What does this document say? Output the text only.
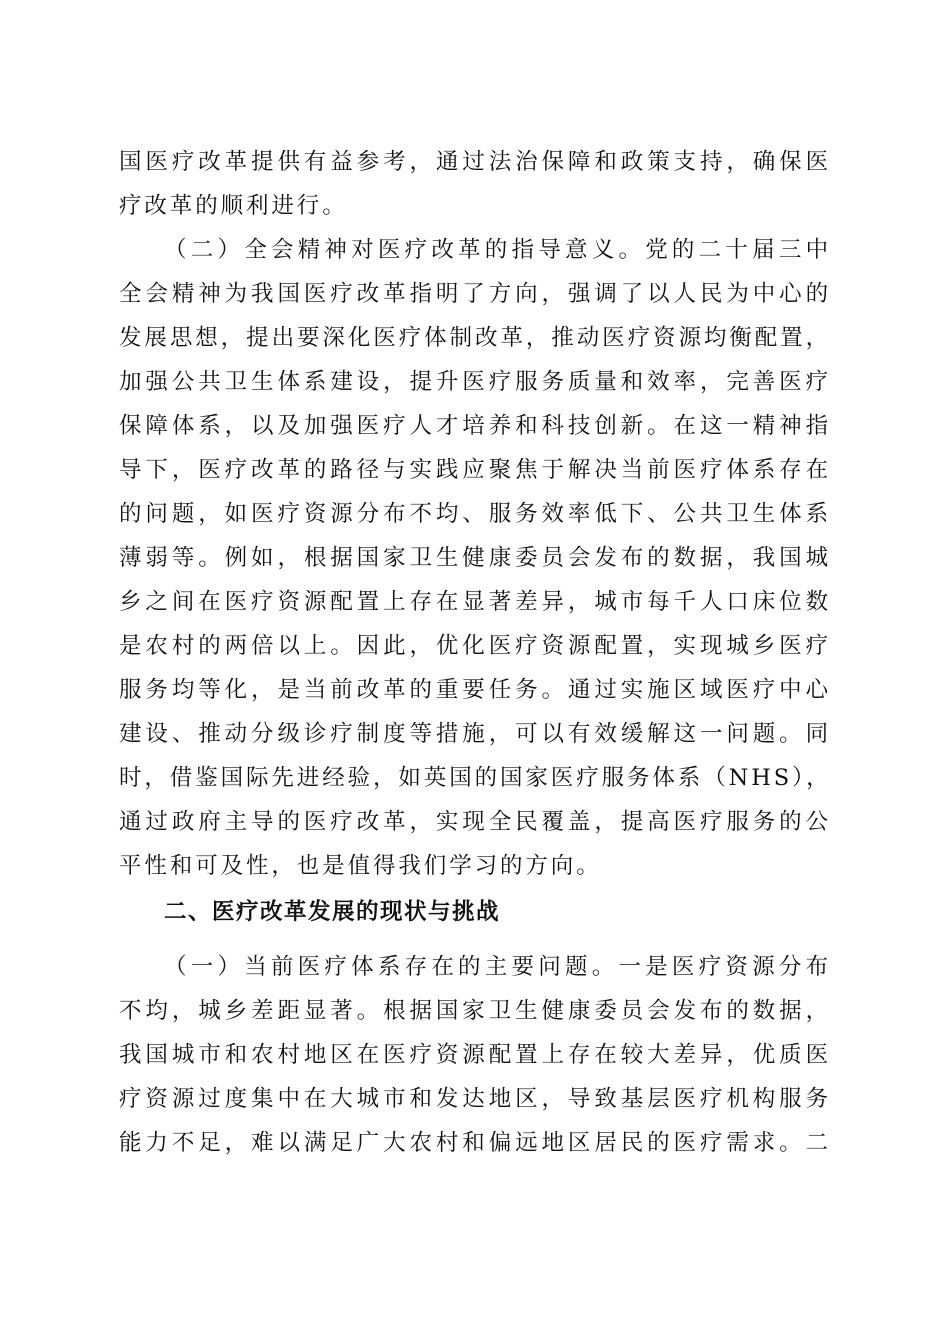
国医疗改革提供有益参考，通过法治保障和政策支持，确保医
疗改革的顺利进行。
（二）全会精神对医疗改革的指导意义。党的二十届三中
全会精神为我国医疗改革指明了方向，强调了以人民为中心的
发展思想，提出要深化医疗体制改革，推动医疗资源均衡配置，
加强公共卫生体系建设，提升医疗服务质量和效率，完善医疗
保障体系，以及加强医疗人才培养和科技创新。在这一精神指
导下，医疗改革的路径与实践应聚焦于解决当前医疗体系存在
的问题，如医疗资源分布不均、服务效率低下、公共卫生体系
薄弱等。例如，根据国家卫生健康委员会发布的数据，我国城
乡之间在医疗资源配置上存在显著差异，城市每千人口床位数
是农村的两倍以上。因此，优化医疗资源配置，实现城乡医疗
服务均等化，是当前改革的重要任务。通过实施区域医疗中心
建设、推动分级诊疗制度等措施，可以有效缓解这一问题。同
时，借鉴国际先进经验，如英国的国家医疗服务体系（NHS），
通过政府主导的医疗改革，实现全民覆盖，提高医疗服务的公
平性和可及性，也是值得我们学习的方向。
二、医疗改革发展的现状与挑战
（一）当前医疗体系存在的主要问题。一是医疗资源分布
不均，城乡差距显著。根据国家卫生健康委员会发布的数据，
我国城市和农村地区在医疗资源配置上存在较大差异，优质医
疗资源过度集中在大城市和发达地区，导致基层医疗机构服务
能力不足，难以满足广大农村和偏远地区居民的医疗需求。二
